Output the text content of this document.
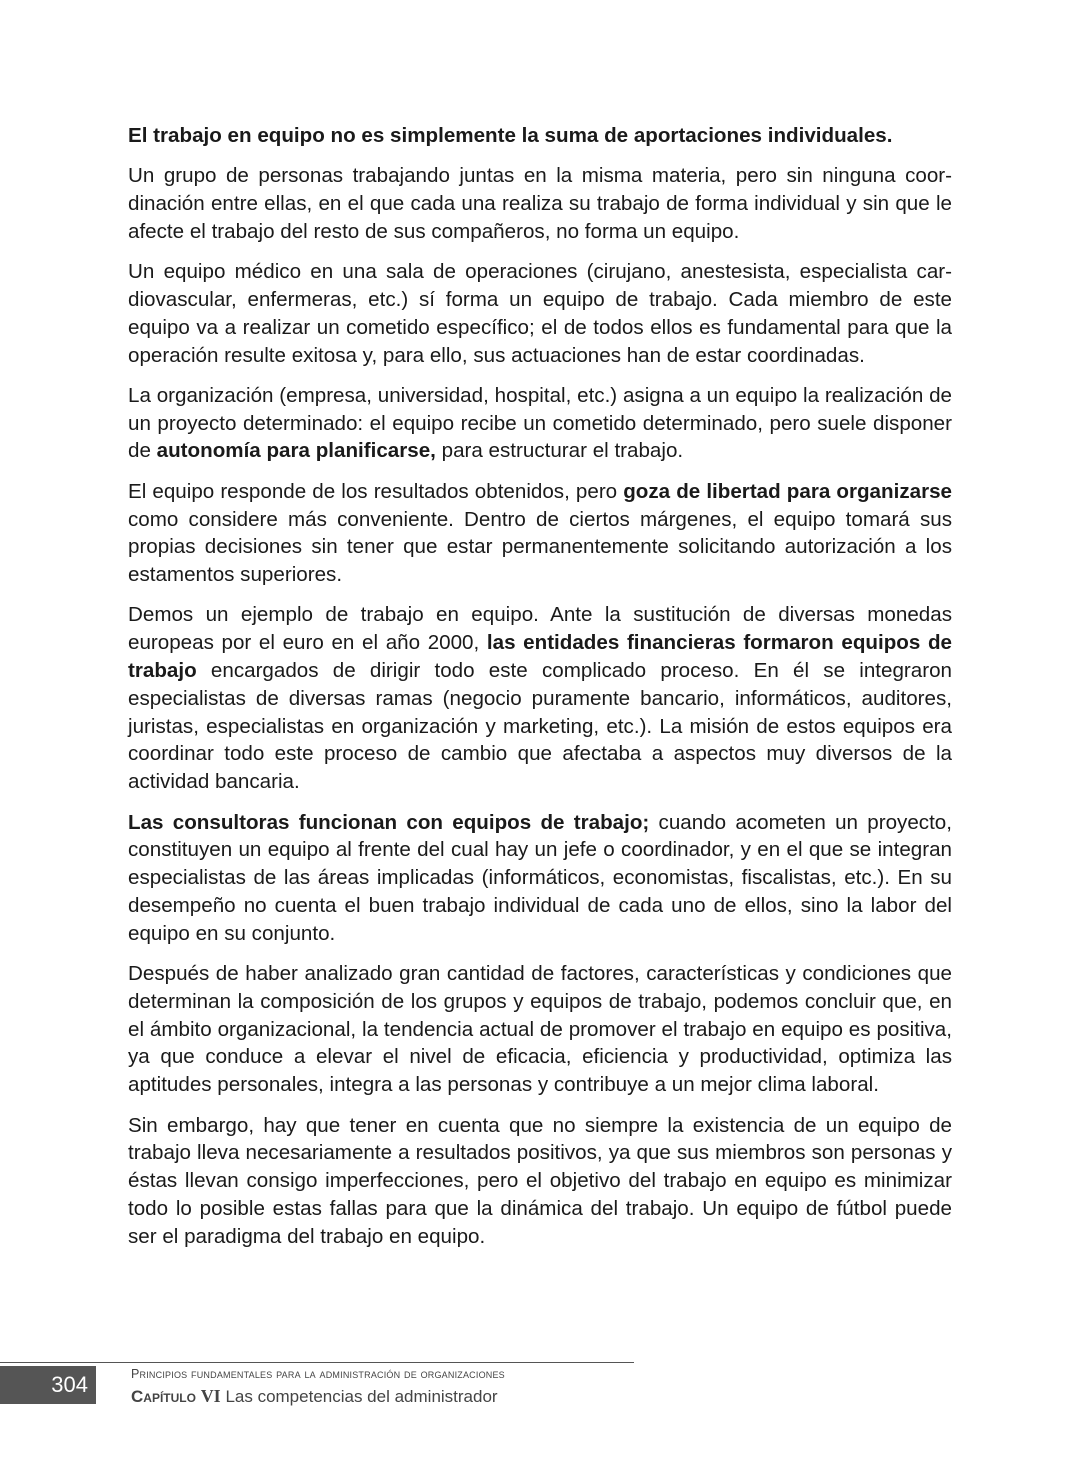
El trabajo en equipo no es simplemente la suma de aportaciones individuales.

Un grupo de personas trabajando juntas en la misma materia, pero sin ninguna coordinación entre ellas, en el que cada una realiza su trabajo de forma individual y sin que le afecte el trabajo del resto de sus compañeros, no forma un equipo.

Un equipo médico en una sala de operaciones (cirujano, anestesista, especialista cardiovascular, enfermeras, etc.) sí forma un equipo de trabajo. Cada miembro de este equipo va a realizar un cometido específico; el de todos ellos es fundamental para que la operación resulte exitosa y, para ello, sus actuaciones han de estar coordinadas.

La organización (empresa, universidad, hospital, etc.) asigna a un equipo la realización de un proyecto determinado: el equipo recibe un cometido determinado, pero suele disponer de autonomía para planificarse, para estructurar el trabajo.

El equipo responde de los resultados obtenidos, pero goza de libertad para organizarse como considere más conveniente. Dentro de ciertos márgenes, el equipo tomará sus propias decisiones sin tener que estar permanentemente solicitando autorización a los estamentos superiores.

Demos un ejemplo de trabajo en equipo. Ante la sustitución de diversas monedas europeas por el euro en el año 2000, las entidades financieras formaron equipos de trabajo encargados de dirigir todo este complicado proceso. En él se integraron especialistas de diversas ramas (negocio puramente bancario, informáticos, auditores, juristas, especialistas en organización y marketing, etc.). La misión de estos equipos era coordinar todo este proceso de cambio que afectaba a aspectos muy diversos de la actividad bancaria.

Las consultoras funcionan con equipos de trabajo; cuando acometen un proyecto, constituyen un equipo al frente del cual hay un jefe o coordinador, y en el que se integran especialistas de las áreas implicadas (informáticos, economistas, fiscalistas, etc.). En su desempeño no cuenta el buen trabajo individual de cada uno de ellos, sino la labor del equipo en su conjunto.

Después de haber analizado gran cantidad de factores, características y condiciones que determinan la composición de los grupos y equipos de trabajo, podemos concluir que, en el ámbito organizacional, la tendencia actual de promover el trabajo en equipo es positiva, ya que conduce a elevar el nivel de eficacia, eficiencia y productividad, optimiza las aptitudes personales, integra a las personas y contribuye a un mejor clima laboral.

Sin embargo, hay que tener en cuenta que no siempre la existencia de un equipo de trabajo lleva necesariamente a resultados positivos, ya que sus miembros son personas y éstas llevan consigo imperfecciones, pero el objetivo del trabajo en equipo es minimizar todo lo posible estas fallas para que la dinámica del trabajo. Un equipo de fútbol puede ser el paradigma del trabajo en equipo.

304	Principios fundamentales para la administración de organizaciones
Capítulo VI Las competencias del administrador
